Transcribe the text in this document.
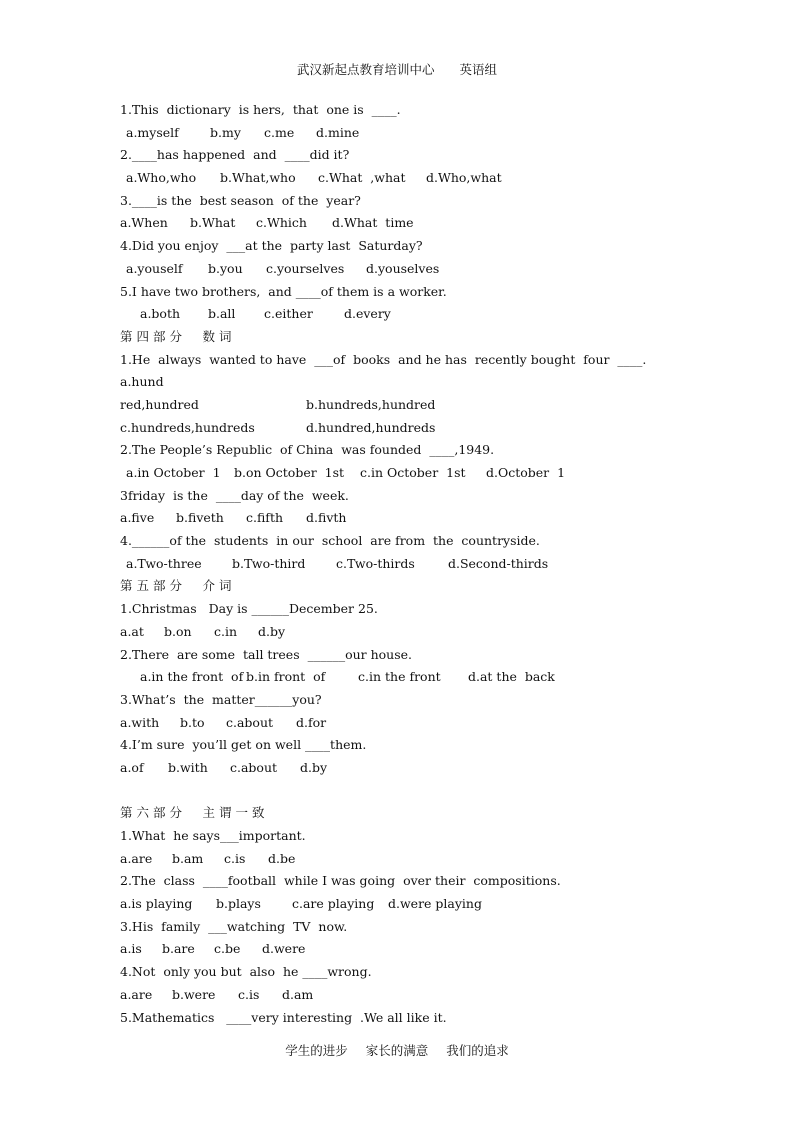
武汉新起点教育培训中心　　英语组
1.This  dictionary  is hers,  that  one is  ____.
a.myself	b.my	c.me	d.mine
2.____has happened  and  ____did it?
a.Who,who	b.What,who	c.What  ,what	d.Who,what
3.____is the  best season  of the  year?
a.When	b.What	c.Which	d.What  time
4.Did you enjoy  ___at the  party last  Saturday?
a.youself	b.you	c.yourselves	d.youselves
5.I have two brothers,  and ____of them is a worker.
a.both	b.all	c.either	d.every
第四部分　数词
1.He  always  wanted to have  ___of  books  and he has  recently bought  four  ____.
a.hund
red,hundred	b.hundreds,hundred
c.hundreds,hundreds	d.hundred,hundreds
2.The People’s Republic  of China  was founded  ____,1949.
a.in October  1	b.on October  1st	c.in October  1st	d.October  1
3friday  is the  ____day of the  week.
a.five	b.fiveth	c.fifth	d.fivth
4.______of the  students  in our  school  are from  the  countryside.
a.Two-three	b.Two-third	c.Two-thirds	d.Second-thirds
第五部分　介词
1.Christmas   Day is ______December 25.
a.at	b.on	c.in	d.by
2.There  are some  tall trees  ______our house.
a.in the front  of b.in front  of	c.in the front	d.at the  back
3.What’s  the  matter______you?
a.with	b.to	c.about	d.for
4.I’m sure  you’ll get on well ____them.
a.of	b.with	c.about	d.by
第六部分　主谓一致
1.What  he says___important.
a.are	b.am	c.is	d.be
2.The  class  ____football  while I was going  over their  compositions.
a.is playing	b.plays	c.are playing	d.were playing
3.His  family  ___watching  TV  now.
a.is	b.are	c.be	d.were
4.Not  only you but  also  he ____wrong.
a.are	b.were	c.is	d.am
5.Mathematics   ____very interesting  .We all like it.
学生的进步 家长的满意 我们的追求
